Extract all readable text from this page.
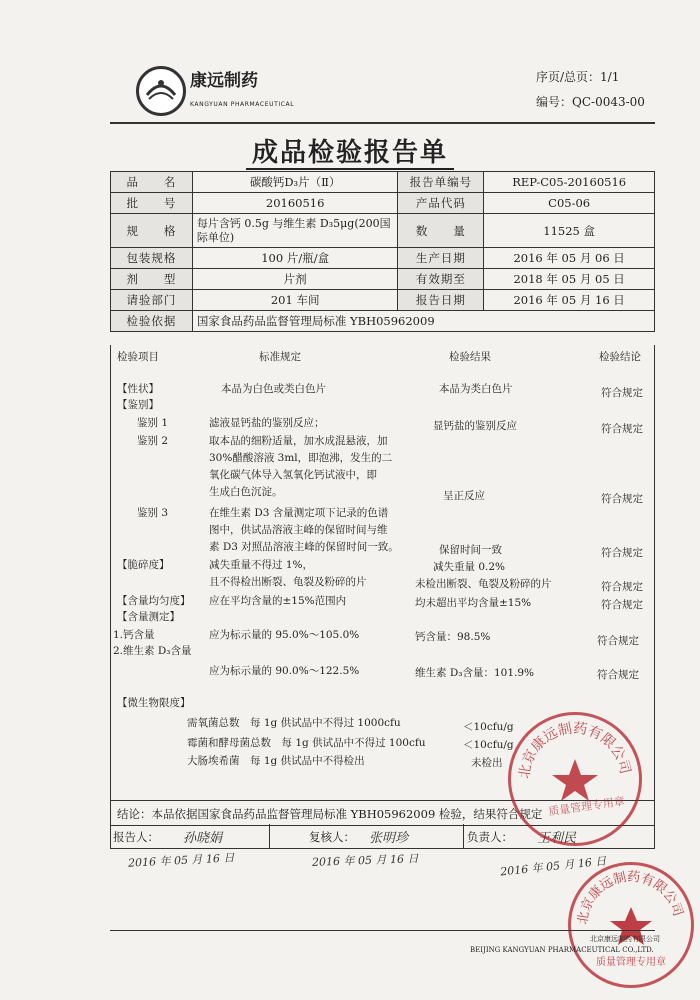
康远制药
KANGYUAN PHARMACEUTICAL
序页/总页：1/1
编号：QC-0043-00
成品检验报告单
品　　名	碳酸钙D₃片（Ⅱ）	报告单编号	REP-C05-20160516
批　　号	20160516	产品代码	C05-06
规　　格	每片含钙 0.5g 与维生素 D₃5μg(200国际单位)	数　　量	11525 盒
包装规格	100 片/瓶/盒	生产日期	2016 年 05 月 06 日
剂　　型	片剂	有效期至	2018 年 05 月 05 日
请验部门	201 车间	报告日期	2016 年 05 月 16 日
检验依据	国家食品药品监督管理局标准 YBH05962009		
检验项目	标准规定	检验结果	检验结论
【性状】	本品为白色或类白色片	本品为类白色片	符合规定
【鉴别】
鉴别 1	滤液显钙盐的鉴别反应；	显钙盐的鉴别反应	符合规定
鉴别 2	取本品的细粉适量，加水成混悬液，加
30%醋酸溶液 3ml，即泡沸，发生的二
氧化碳气体导入氢氧化钙试液中，即
生成白色沉淀。	呈正反应	符合规定
鉴别 3	在维生素 D3 含量测定项下记录的色谱
图中，供试品溶液主峰的保留时间与维
素 D3 对照品溶液主峰的保留时间一致。	保留时间一致	符合规定
【脆碎度】	减失重量不得过 1%，	减失重量 0.2%
且不得检出断裂、龟裂及粉碎的片	未检出断裂、龟裂及粉碎的片	符合规定
【含量均匀度】 应在平均含量的±15%范围内	均未超出平均含量±15%	符合规定
【含量测定】
1.钙含量	应为标示量的 95.0%～105.0%	钙含量：98.5%	符合规定
2.维生素 D₃含量
应为标示量的 90.0%～122.5%	维生素 D₃含量：101.9%	符合规定
【微生物限度】
需氧菌总数　每 1g 供试品中不得过 1000cfu	＜10cfu/g
霉菌和酵母菌总数　每 1g 供试品中不得过 100cfu	＜10cfu/g
大肠埃希菌　每 1g 供试品中不得检出	未检出
结论：本品依据国家食品药品监督管理局标准 YBH05962009 检验，结果符合规定
报告人： 孙晓娟	复核人： 张明珍	负责人： 王利民
2016 年 05 月 16 日	2016 年 05 月 16 日	2016 年 05 月 16 日
北京康远制药有限公司
北京康远制药有限公司
质量管理专用章
质量管理专用章
北京康远制药有限公司
BEIJING KANGYUAN PHARMACEUTICAL CO.,LTD.
